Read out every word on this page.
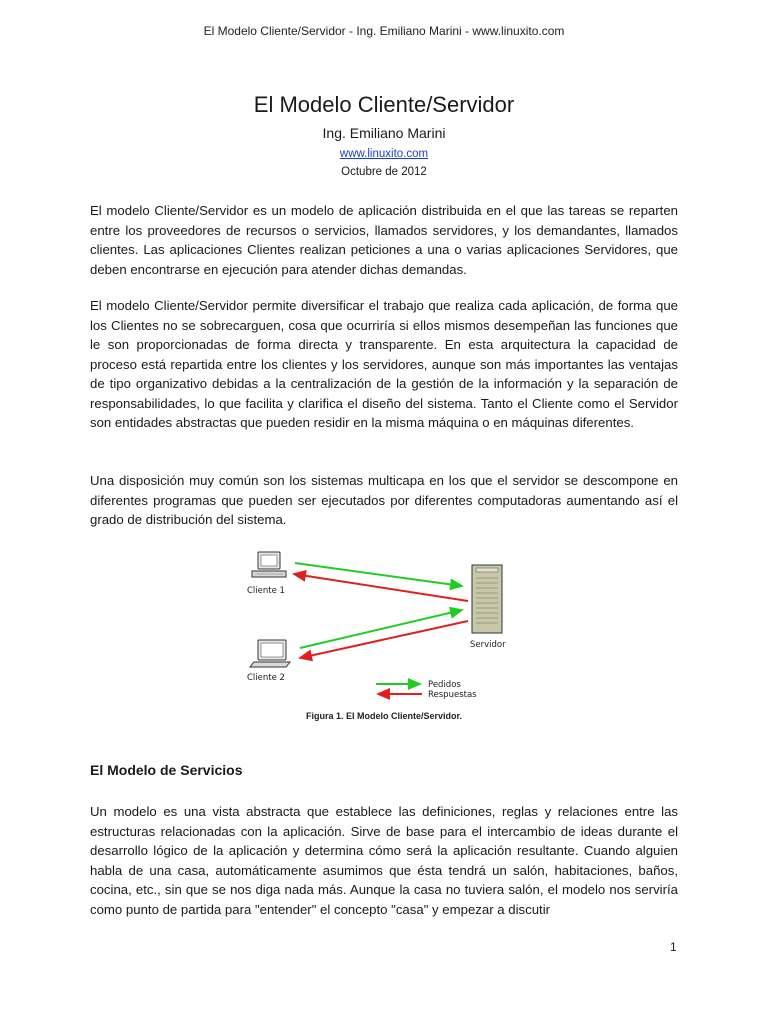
El Modelo Cliente/Servidor - Ing. Emiliano Marini - www.linuxito.com
El Modelo Cliente/Servidor
Ing. Emiliano Marini
www.linuxito.com
Octubre de 2012

El modelo Cliente/Servidor es un modelo de aplicación distribuida en el que las tareas se reparten entre los proveedores de recursos o servicios, llamados servidores, y los demandantes, llamados clientes. Las aplicaciones Clientes realizan peticiones a una o varias aplicaciones Servidores, que deben encontrarse en ejecución para atender dichas demandas.

El modelo Cliente/Servidor permite diversificar el trabajo que realiza cada aplicación, de forma que los Clientes no se sobrecarguen, cosa que ocurriría si ellos mismos desempeñan las funciones que le son proporcionadas de forma directa y transparente. En esta arquitectura la capacidad de proceso está repartida entre los clientes y los servidores, aunque son más importantes las ventajas de tipo organizativo debidas a la centralización de la gestión de la información y la separación de responsabilidades, lo que facilita y clarifica el diseño del sistema. Tanto el Cliente como el Servidor son entidades abstractas que pueden residir en la misma máquina o en máquinas diferentes.

Una disposición muy común son los sistemas multicapa en los que el servidor se descompone en diferentes programas que pueden ser ejecutados por diferentes computadoras aumentando así el grado de distribución del sistema.

Cliente 1
Cliente 2
Servidor
Pedidos
Respuestas
Figura 1. El Modelo Cliente/Servidor.
El Modelo de Servicios

Un modelo es una vista abstracta que establece las definiciones, reglas y relaciones entre las estructuras relacionadas con la aplicación. Sirve de base para el intercambio de ideas durante el desarrollo lógico de la aplicación y determina cómo será la aplicación resultante. Cuando alguien habla de una casa, automáticamente asumimos que ésta tendrá un salón, habitaciones, baños, cocina, etc., sin que se nos diga nada más. Aunque la casa no tuviera salón, el modelo nos serviría como punto de partida para "entender" el concepto "casa" y empezar a discutir

1
